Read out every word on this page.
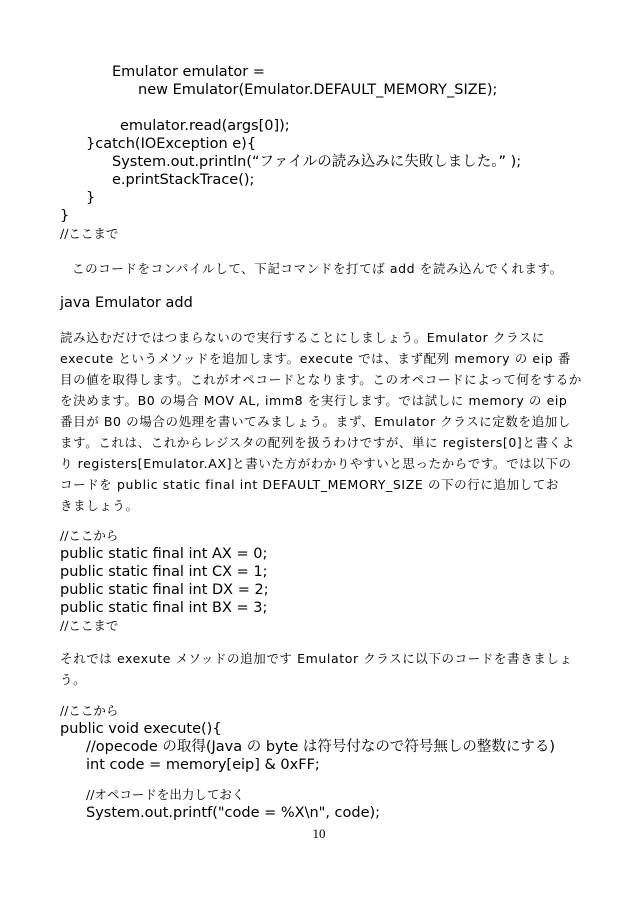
Emulator emulator =
new Emulator(Emulator.DEFAULT_MEMORY_SIZE);
emulator.read(args[0]);
}catch(IOException e){
System.out.println(“ファイルの読み込みに失敗しました。” );
e.printStackTrace();
}
}
//ここまで
このコードをコンパイルして、下記コマンドを打てば add を読み込んでくれます。
java Emulator add
読み込むだけではつまらないので実行することにしましょう。Emulator クラスに
execute というメソッドを追加します。execute では、まず配列 memory の eip 番
目の値を取得します。これがオペコードとなります。このオペコードによって何をするか
を決めます。B0 の場合 MOV AL, imm8 を実行します。では試しに memory の eip
番目が B0 の場合の処理を書いてみましょう。まず、Emulator クラスに定数を追加し
ます。これは、これからレジスタの配列を扱うわけですが、単に registers[0]と書くよ
り registers[Emulator.AX]と書いた方がわかりやすいと思ったからです。では以下の
コードを public static final int DEFAULT_MEMORY_SIZE の下の行に追加してお
きましょう。
//ここから
public static final int AX = 0;
public static final int CX = 1;
public static final int DX = 2;
public static final int BX = 3;
//ここまで
それでは exexute メソッドの追加です Emulator クラスに以下のコードを書きましょ
う。
//ここから
public void execute(){
//opecode の取得(Java の byte は符号付なので符号無しの整数にする)
int code = memory[eip] & 0xFF;
//オペコードを出力しておく
System.out.printf("code = %X\n", code);
10
